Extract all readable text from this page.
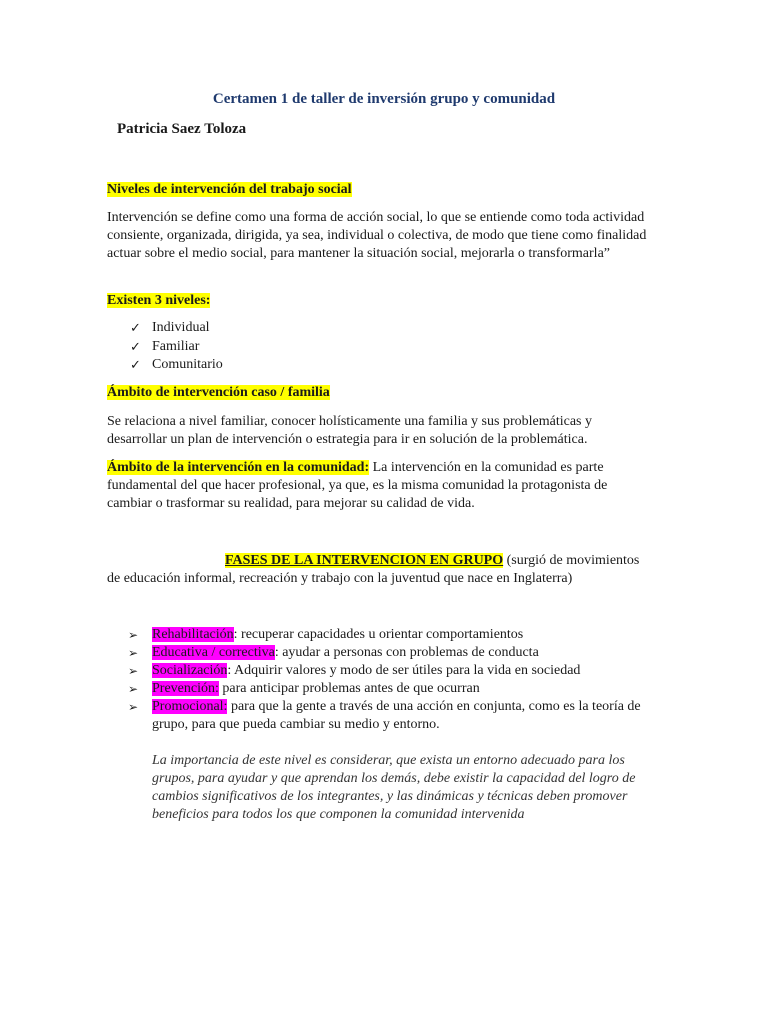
Certamen 1 de taller de inversión grupo y comunidad
Patricia Saez Toloza
Niveles de intervención del trabajo social
Intervención se define como una forma de acción social, lo que se entiende como toda actividad consiente, organizada, dirigida, ya sea, individual o colectiva, de modo que tiene como finalidad actuar sobre el medio social, para mantener la situación social, mejorarla o transformarla”
Existen 3 niveles:
✓ Individual
✓ Familiar
✓ Comunitario
Ámbito de intervención caso / familia
Se relaciona a nivel familiar, conocer holísticamente una familia y sus problemáticas y desarrollar un plan de intervención o estrategia para ir en solución de la problemática.
Ámbito de la intervención en la comunidad: La intervención en la comunidad es parte fundamental del que hacer profesional, ya que, es la misma comunidad la protagonista de cambiar o trasformar su realidad, para mejorar su calidad de vida.
FASES DE LA INTERVENCION EN GRUPO (surgió de movimientos de educación informal, recreación y trabajo con la juventud que nace en Inglaterra)
➢ Rehabilitación: recuperar capacidades u orientar comportamientos
➢ Educativa / correctiva: ayudar a personas con problemas de conducta
➢ Socialización: Adquirir valores y modo de ser útiles para la vida en sociedad
➢ Prevención: para anticipar problemas antes de que ocurran
➢ Promocional: para que la gente a través de una acción en conjunta, como es la teoría de grupo, para que pueda cambiar su medio y entorno.
La importancia de este nivel es considerar, que exista un entorno adecuado para los grupos, para ayudar y que aprendan los demás, debe existir la capacidad del logro de cambios significativos de los integrantes, y las dinámicas y técnicas deben promover beneficios para todos los que componen la comunidad intervenida
